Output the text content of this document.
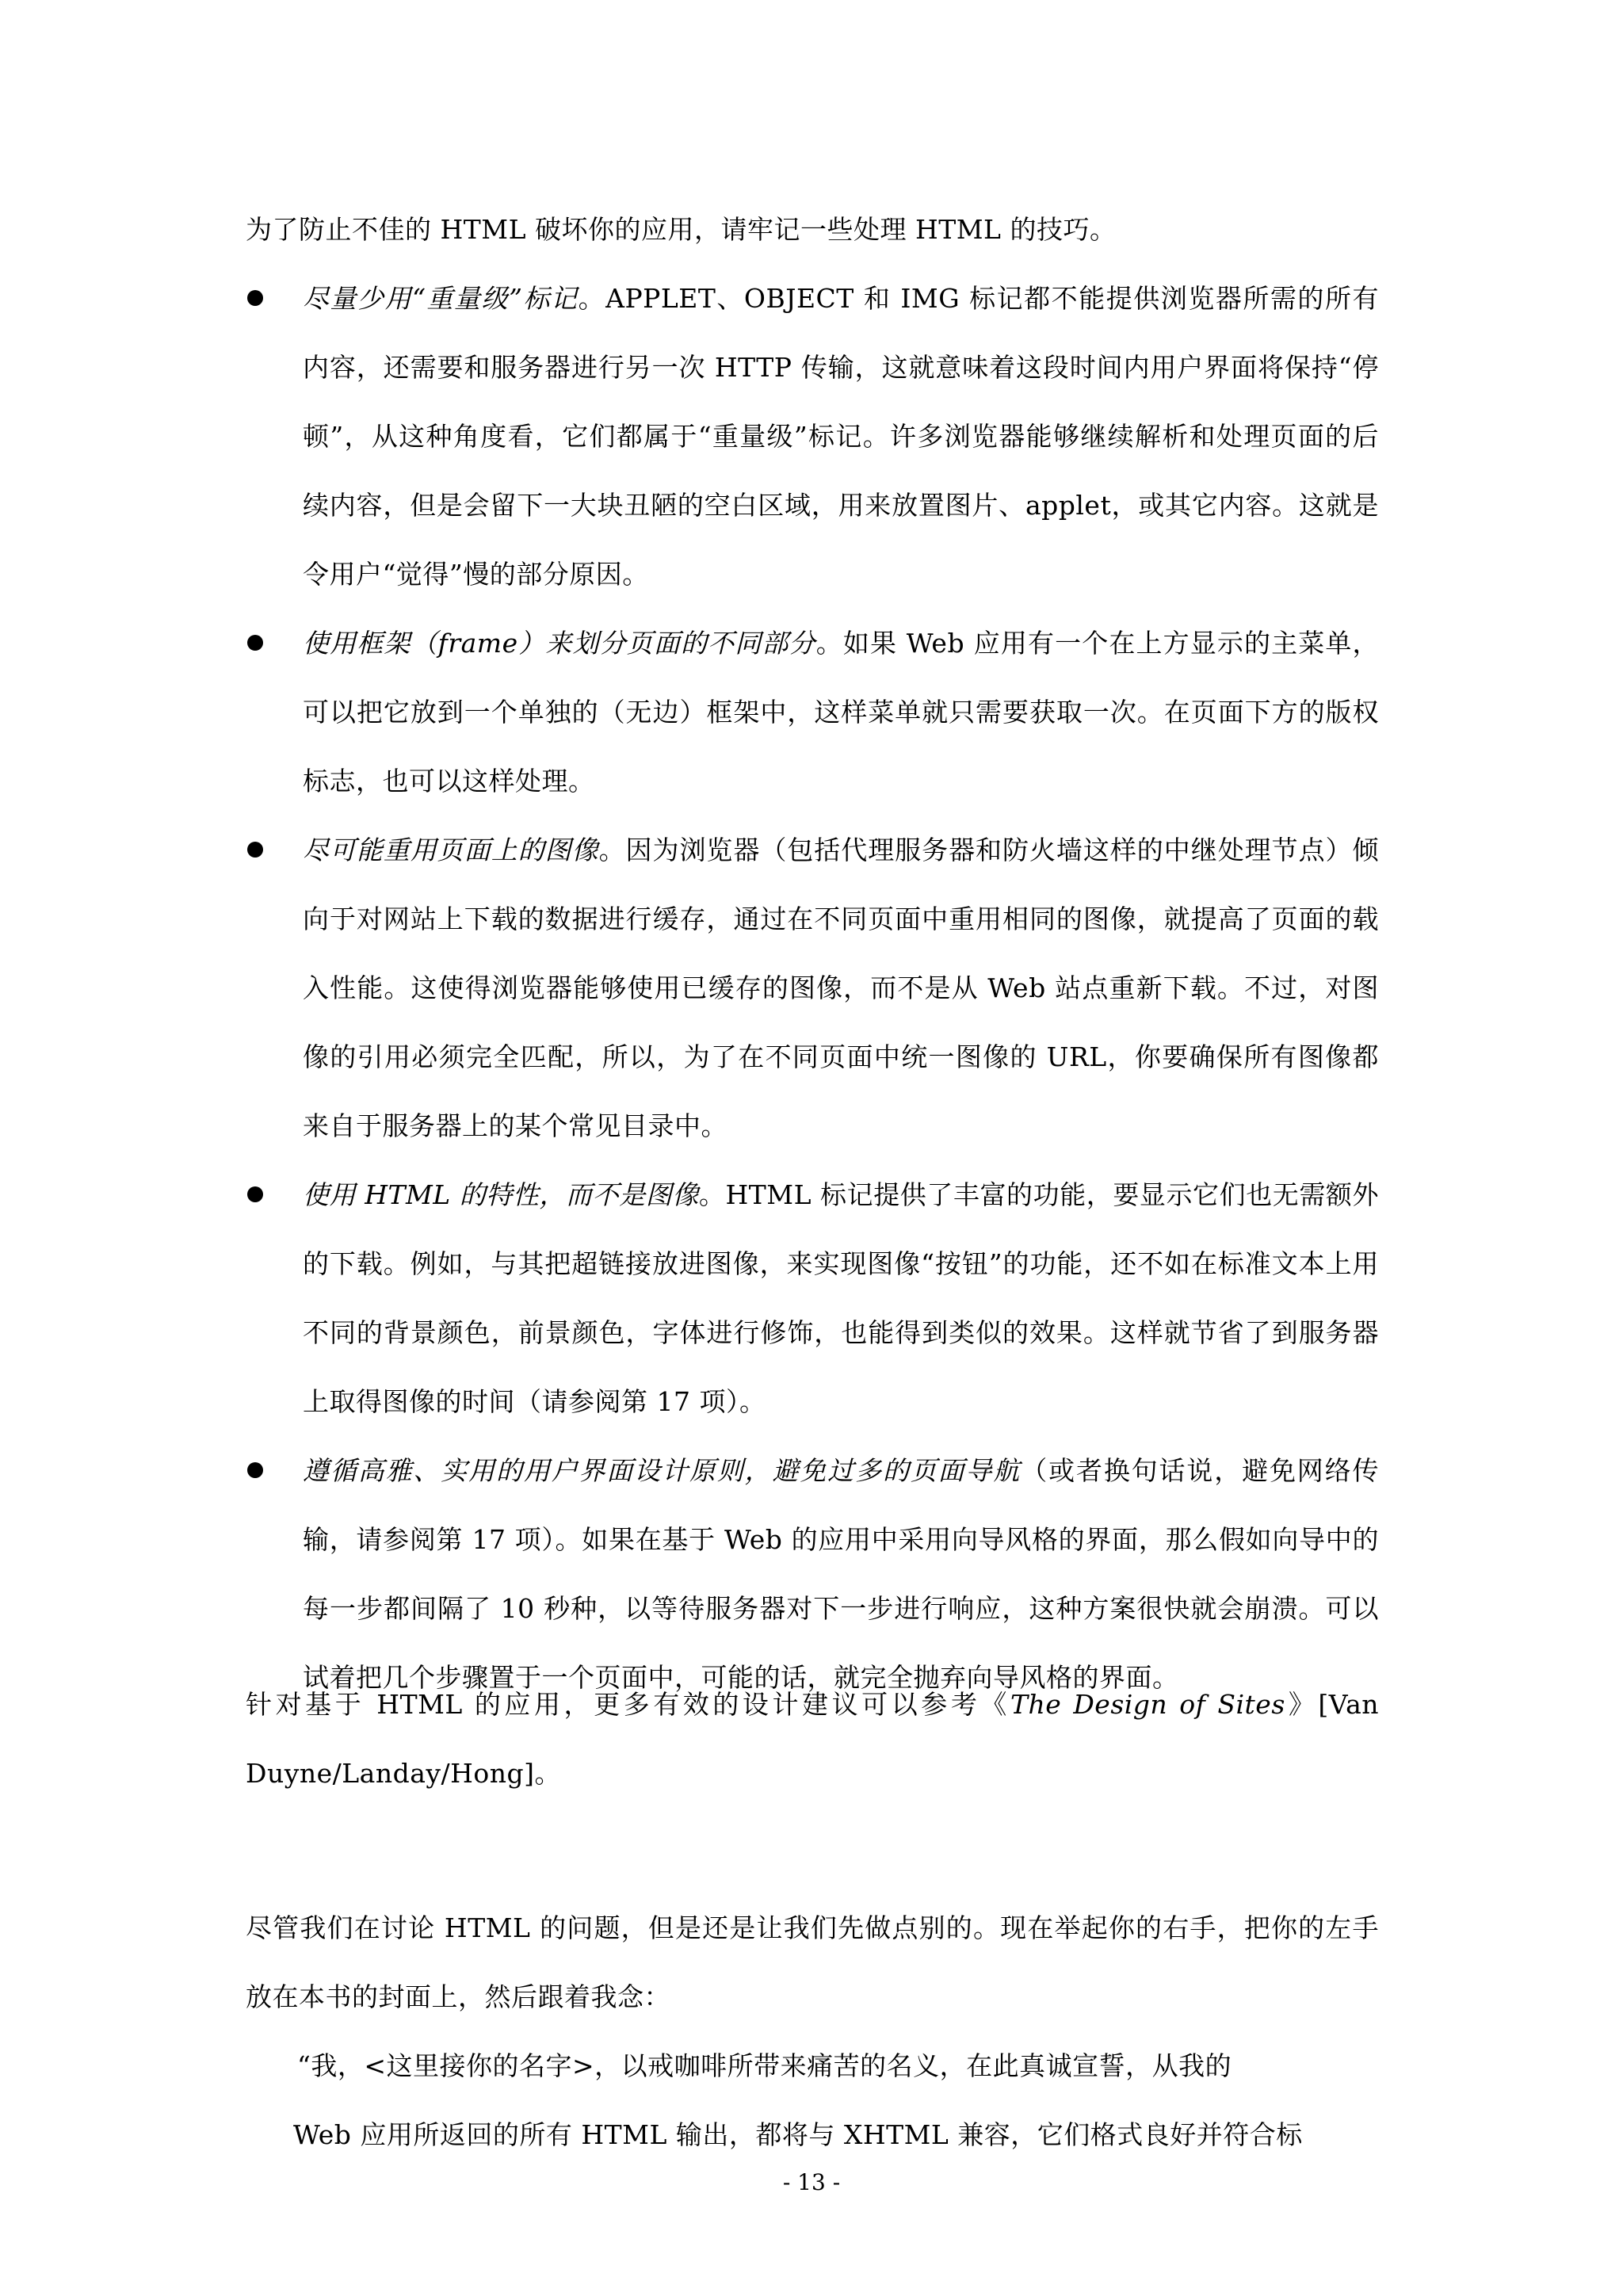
为了防止不佳的 HTML 破坏你的应用，请牢记一些处理 HTML 的技巧。

尽量少用“重量级”标记。APPLET、OBJECT 和 IMG 标记都不能提供浏览器所需的所有内容，还需要和服务器进行另一次 HTTP 传输，这就意味着这段时间内用户界面将保持“停顿”，从这种角度看，它们都属于“重量级”标记。许多浏览器能够继续解析和处理页面的后续内容，但是会留下一大块丑陋的空白区域，用来放置图片、applet，或其它内容。这就是令用户“觉得”慢的部分原因。
使用框架（frame）来划分页面的不同部分。如果 Web 应用有一个在上方显示的主菜单，可以把它放到一个单独的（无边）框架中，这样菜单就只需要获取一次。在页面下方的版权标志，也可以这样处理。
尽可能重用页面上的图像。因为浏览器（包括代理服务器和防火墙这样的中继处理节点）倾向于对网站上下载的数据进行缓存，通过在不同页面中重用相同的图像，就提高了页面的载入性能。这使得浏览器能够使用已缓存的图像，而不是从 Web 站点重新下载。不过，对图像的引用必须完全匹配，所以，为了在不同页面中统一图像的 URL，你要确保所有图像都来自于服务器上的某个常见目录中。
使用 HTML 的特性，而不是图像。HTML 标记提供了丰富的功能，要显示它们也无需额外的下载。例如，与其把超链接放进图像，来实现图像“按钮”的功能，还不如在标准文本上用不同的背景颜色，前景颜色，字体进行修饰，也能得到类似的效果。这样就节省了到服务器上取得图像的时间（请参阅第 17 项）。
遵循高雅、实用的用户界面设计原则，避免过多的页面导航（或者换句话说，避免网络传输，请参阅第 17 项）。如果在基于 Web 的应用中采用向导风格的界面，那么假如向导中的每一步都间隔了 10 秒种，以等待服务器对下一步进行响应，这种方案很快就会崩溃。可以试着把几个步骤置于一个页面中，可能的话，就完全抛弃向导风格的界面。

针对基于 HTML 的应用，更多有效的设计建议可以参考《The Design of Sites》[Van Duyne/Landay/Hong]。

尽管我们在讨论 HTML 的问题，但是还是让我们先做点别的。现在举起你的右手，把你的左手放在本书的封面上，然后跟着我念：

“我，<这里接你的名字>，以戒咖啡所带来痛苦的名义，在此真诚宣誓，从我的
Web 应用所返回的所有 HTML 输出，都将与 XHTML 兼容，它们格式良好并符合标

- 13 -
